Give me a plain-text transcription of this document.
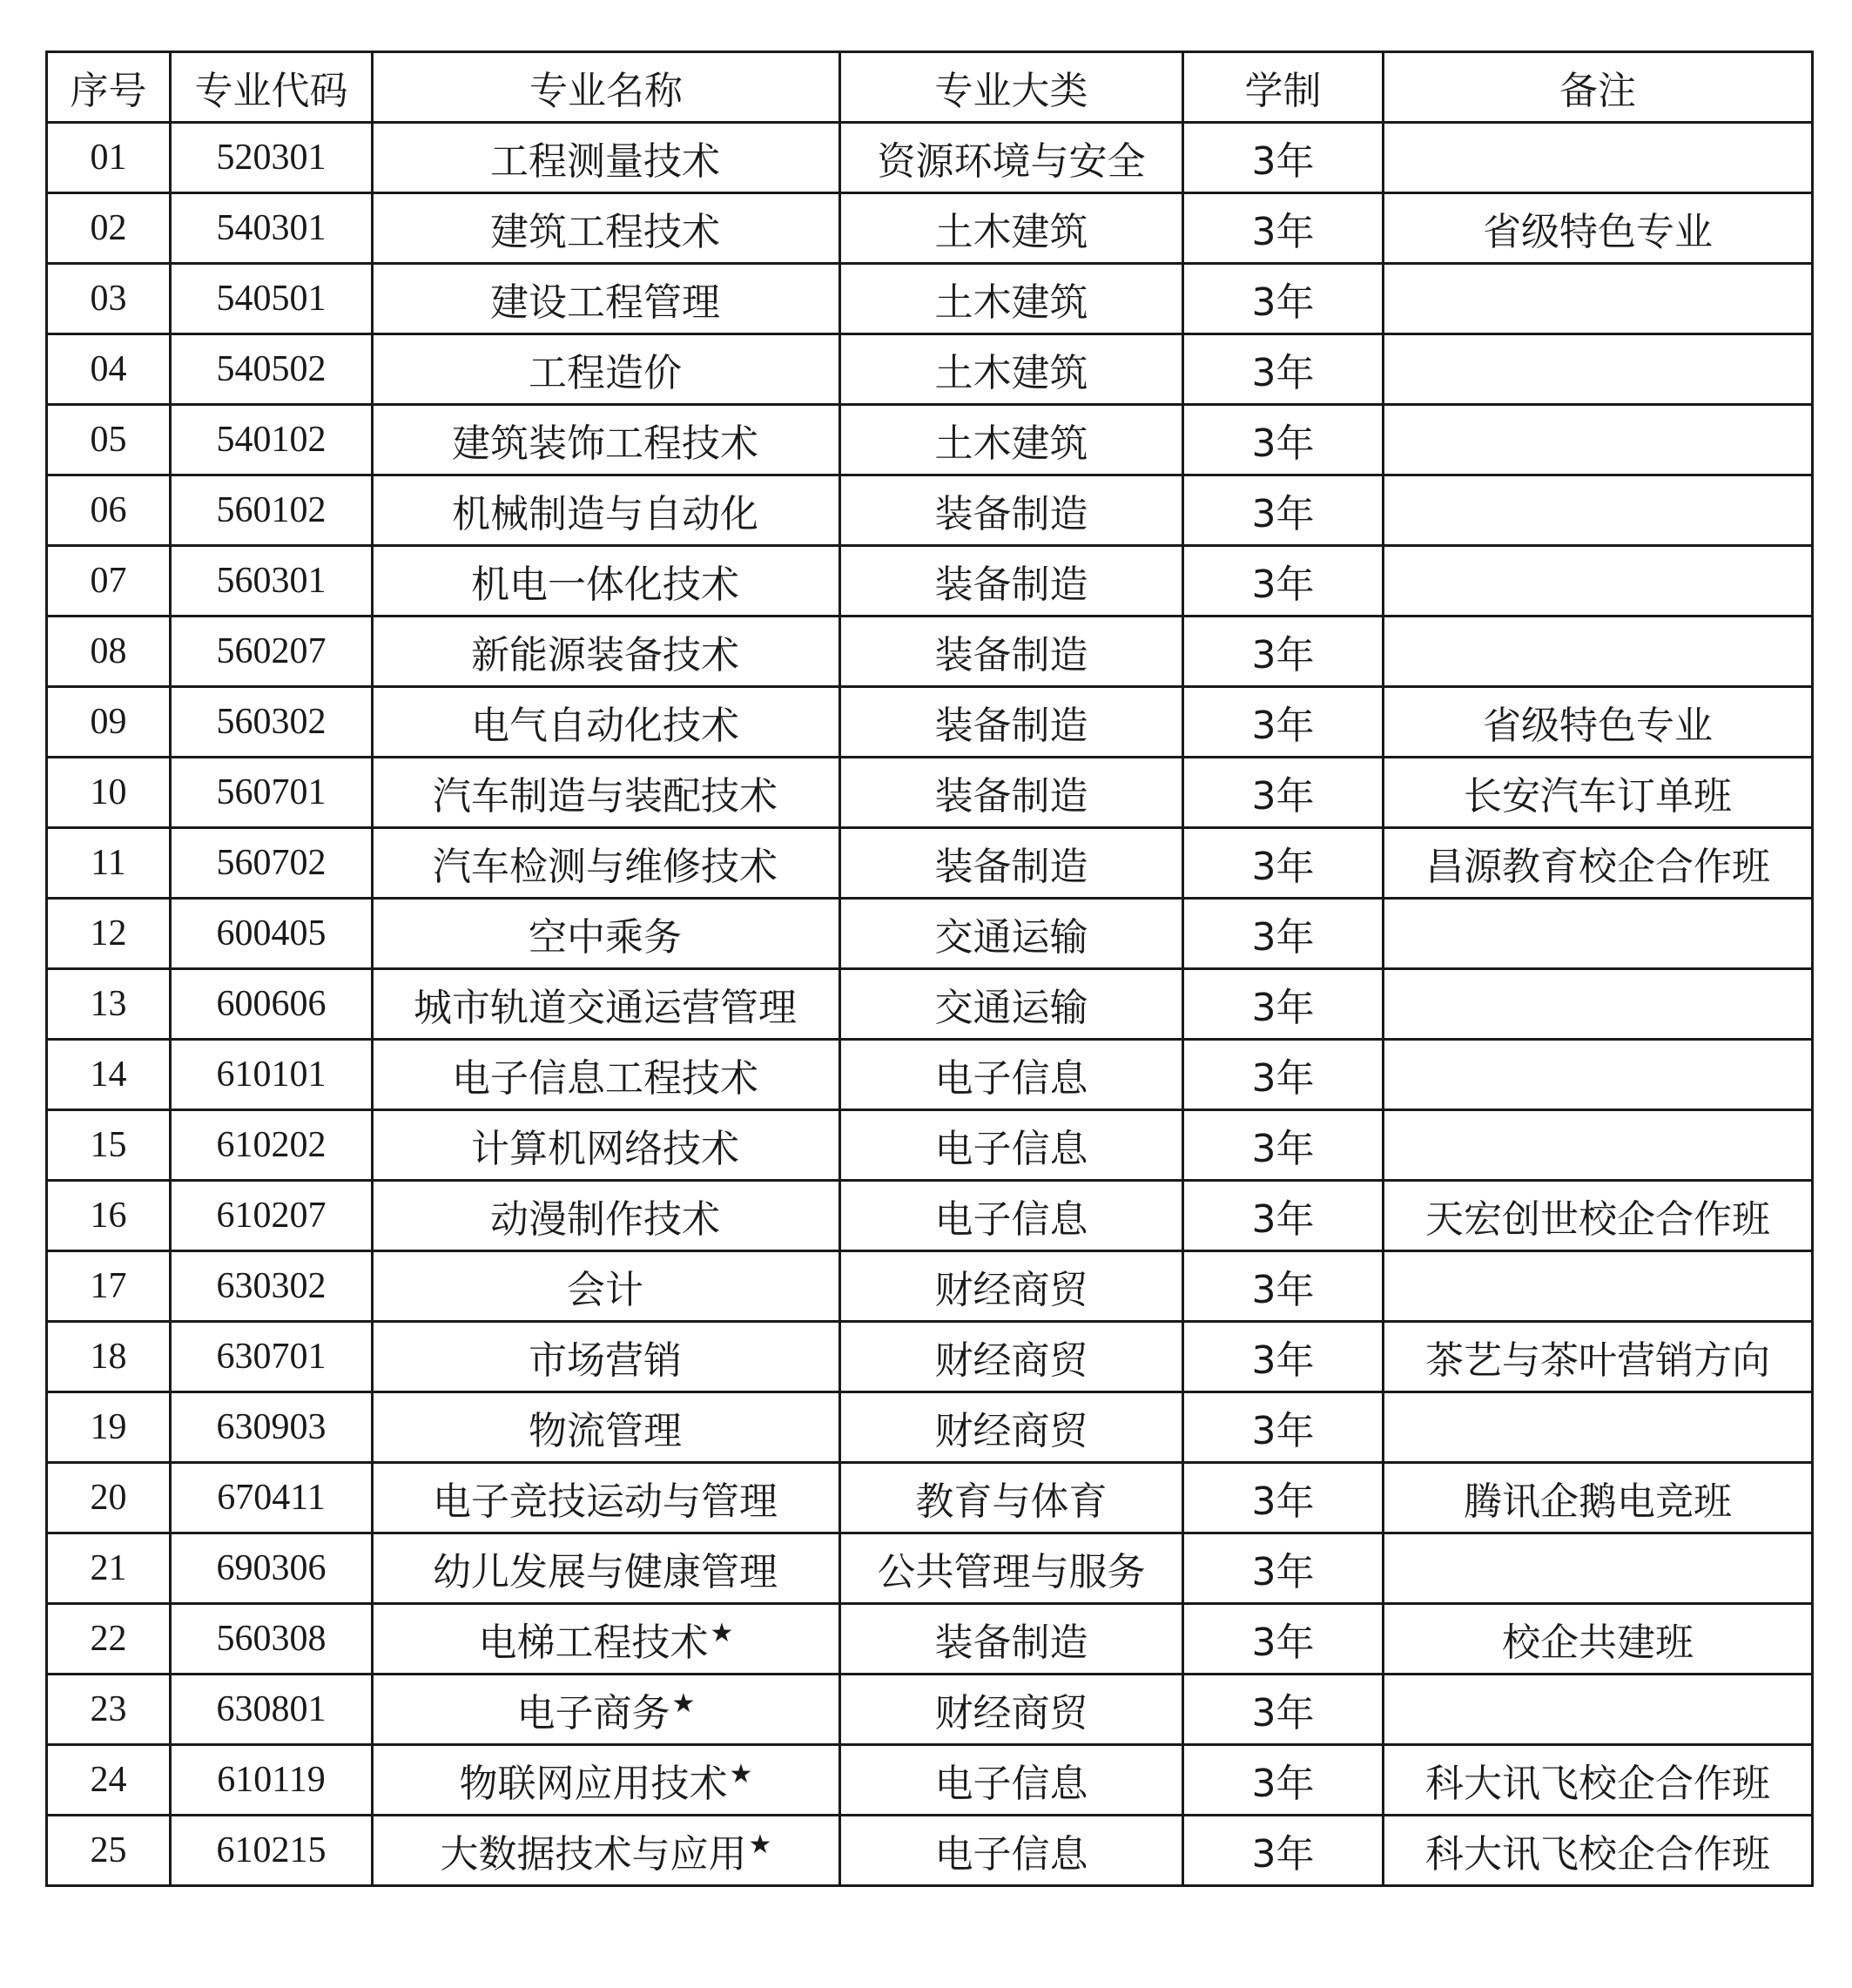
序号	专业代码	专业名称	专业大类	学制	备注
01	520301	工程测量技术	资源环境与安全	3年	
02	540301	建筑工程技术	土木建筑	3年	省级特色专业
03	540501	建设工程管理	土木建筑	3年	
04	540502	工程造价	土木建筑	3年	
05	540102	建筑装饰工程技术	土木建筑	3年	
06	560102	机械制造与自动化	装备制造	3年	
07	560301	机电一体化技术	装备制造	3年	
08	560207	新能源装备技术	装备制造	3年	
09	560302	电气自动化技术	装备制造	3年	省级特色专业
10	560701	汽车制造与装配技术	装备制造	3年	长安汽车订单班
11	560702	汽车检测与维修技术	装备制造	3年	昌源教育校企合作班
12	600405	空中乘务	交通运输	3年	
13	600606	城市轨道交通运营管理	交通运输	3年	
14	610101	电子信息工程技术	电子信息	3年	
15	610202	计算机网络技术	电子信息	3年	
16	610207	动漫制作技术	电子信息	3年	天宏创世校企合作班
17	630302	会计	财经商贸	3年	
18	630701	市场营销	财经商贸	3年	茶艺与茶叶营销方向
19	630903	物流管理	财经商贸	3年	
20	670411	电子竞技运动与管理	教育与体育	3年	腾讯企鹅电竞班
21	690306	幼儿发展与健康管理	公共管理与服务	3年	
22	560308	电梯工程技术★	装备制造	3年	校企共建班
23	630801	电子商务★	财经商贸	3年	
24	610119	物联网应用技术★	电子信息	3年	科大讯飞校企合作班
25	610215	大数据技术与应用★	电子信息	3年	科大讯飞校企合作班
